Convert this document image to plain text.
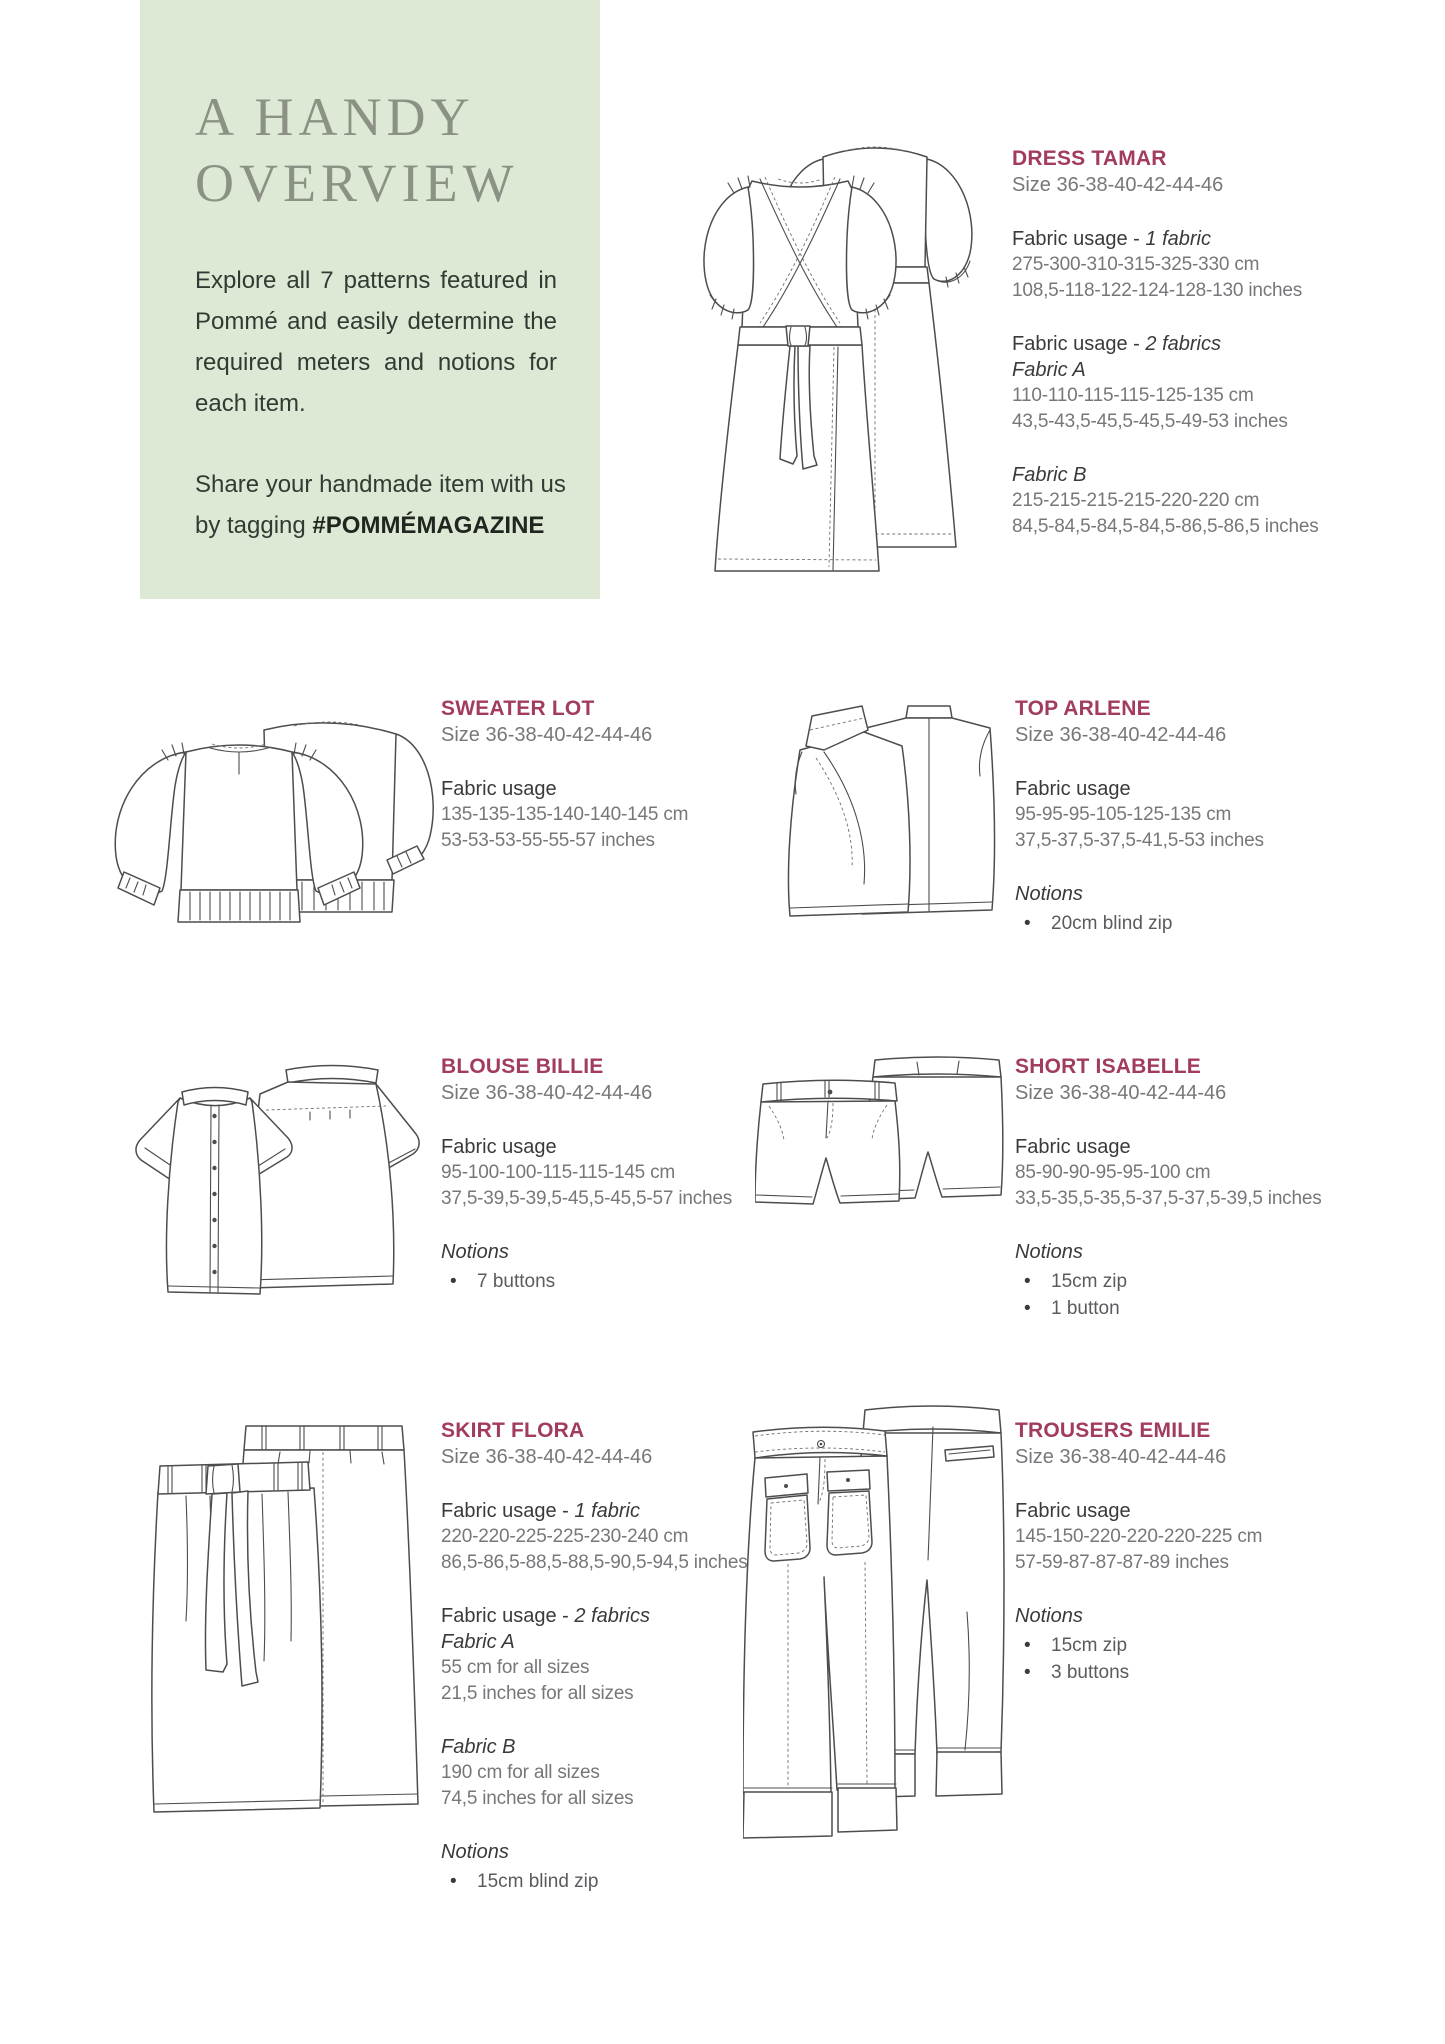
A HANDY
OVERVIEW

Explore all 7 patterns featured in Pommé and easily determine the required meters and notions for each item.

Share your handmade item with us by tagging #POMMÉMAGAZINE

DRESS TAMAR
Size 36-38-40-42-44-46
Fabric usage - 1 fabric
275-300-310-315-325-330 cm
108,5-118-122-124-128-130 inches
Fabric usage - 2 fabrics
Fabric A
110-110-115-115-125-135 cm
43,5-43,5-45,5-45,5-49-53 inches
Fabric B
215-215-215-215-220-220 cm
84,5-84,5-84,5-84,5-86,5-86,5 inches
SWEATER LOT
Size 36-38-40-42-44-46
Fabric usage
135-135-135-140-140-145 cm
53-53-53-55-55-57 inches
TOP ARLENE
Size 36-38-40-42-44-46
Fabric usage
95-95-95-105-125-135 cm
37,5-37,5-37,5-41,5-53 inches
Notions
• 20cm blind zip
BLOUSE BILLIE
Size 36-38-40-42-44-46
Fabric usage
95-100-100-115-115-145 cm
37,5-39,5-39,5-45,5-45,5-57 inches
Notions
• 7 buttons
SHORT ISABELLE
Size 36-38-40-42-44-46
Fabric usage
85-90-90-95-95-100 cm
33,5-35,5-35,5-37,5-37,5-39,5 inches
Notions
• 15cm zip
• 1 button
SKIRT FLORA
Size 36-38-40-42-44-46
Fabric usage - 1 fabric
220-220-225-225-230-240 cm
86,5-86,5-88,5-88,5-90,5-94,5 inches
Fabric usage - 2 fabrics
Fabric A
55 cm for all sizes
21,5 inches for all sizes
Fabric B
190 cm for all sizes
74,5 inches for all sizes
Notions
• 15cm blind zip
TROUSERS EMILIE
Size 36-38-40-42-44-46
Fabric usage
145-150-220-220-220-225 cm
57-59-87-87-87-89 inches
Notions
• 15cm zip
• 3 buttons
